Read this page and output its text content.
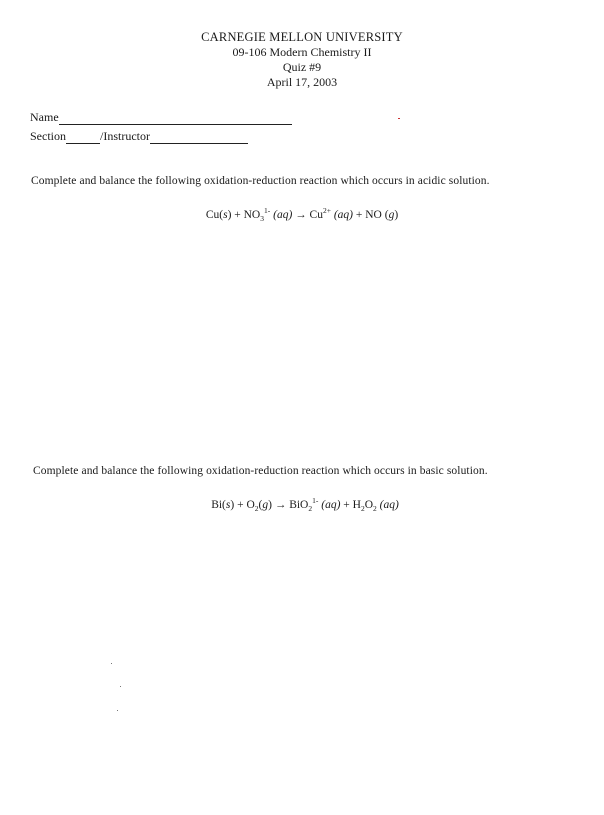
CARNEGIE MELLON UNIVERSITY
09-106 Modern Chemistry II
Quiz #9
April 17, 2003
Name
Section	/Instructor
Complete and balance the following oxidation-reduction reaction which occurs in acidic solution.
$Cu(s) + NO_3^{1-}$ $(aq) \to Cu^{2+}$ (aq) + NO (g)
Complete and balance the following oxidation-reduction reaction which occurs in basic solution.
$Bi(s) + O_2(g) \to BiO_2^{1-}$ $(aq) + H_2O_2$ (aq)
